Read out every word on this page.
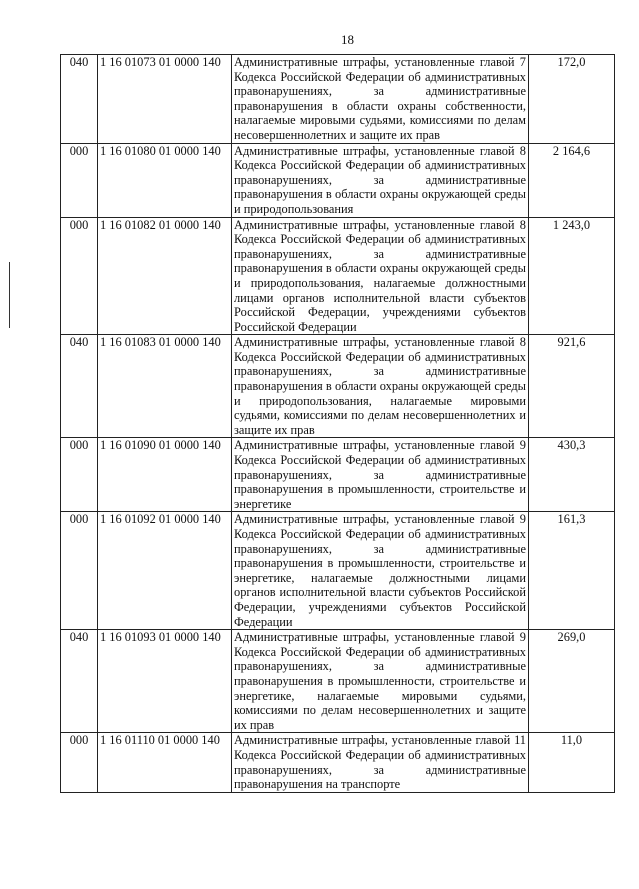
18
040	1 16 01073 01 0000 140	Административные штрафы, установленные главой 7 Кодекса Российской Федерации об административных правонарушениях, за административные правонарушения в области охраны собственности, налагаемые мировыми судьями, комиссиями по делам несовершеннолетних и защите их прав	172,0
000	1 16 01080 01 0000 140	Административные штрафы, установленные главой 8 Кодекса Российской Федерации об административных правонарушениях, за административные правонарушения в области охраны окружающей среды и природопользования	2 164,6
000	1 16 01082 01 0000 140	Административные штрафы, установленные главой 8 Кодекса Российской Федерации об административных правонарушениях, за административные правонарушения в области охраны окружающей среды и природопользования, налагаемые должностными лицами органов исполнительной власти субъектов Российской Федерации, учреждениями субъектов Российской Федерации	1 243,0
040	1 16 01083 01 0000 140	Административные штрафы, установленные главой 8 Кодекса Российской Федерации об административных правонарушениях, за административные правонарушения в области охраны окружающей среды и природопользования, налагаемые мировыми судьями, комиссиями по делам несовершеннолетних и защите их прав	921,6
000	1 16 01090 01 0000 140	Административные штрафы, установленные главой 9 Кодекса Российской Федерации об административных правонарушениях, за административные правонарушения в промышленности, строительстве и энергетике	430,3
000	1 16 01092 01 0000 140	Административные штрафы, установленные главой 9 Кодекса Российской Федерации об административных правонарушениях, за административные правонарушения в промышленности, строительстве и энергетике, налагаемые должностными лицами органов исполнительной власти субъектов Российской Федерации, учреждениями субъектов Российской Федерации	161,3
040	1 16 01093 01 0000 140	Административные штрафы, установленные главой 9 Кодекса Российской Федерации об административных правонарушениях, за административные правонарушения в промышленности, строительстве и энергетике, налагаемые мировыми судьями, комиссиями по делам несовершеннолетних и защите их прав	269,0
000	1 16 01110 01 0000 140	Административные штрафы, установленные главой 11 Кодекса Российской Федерации об административных правонарушениях, за административные правонарушения на транспорте	11,0
